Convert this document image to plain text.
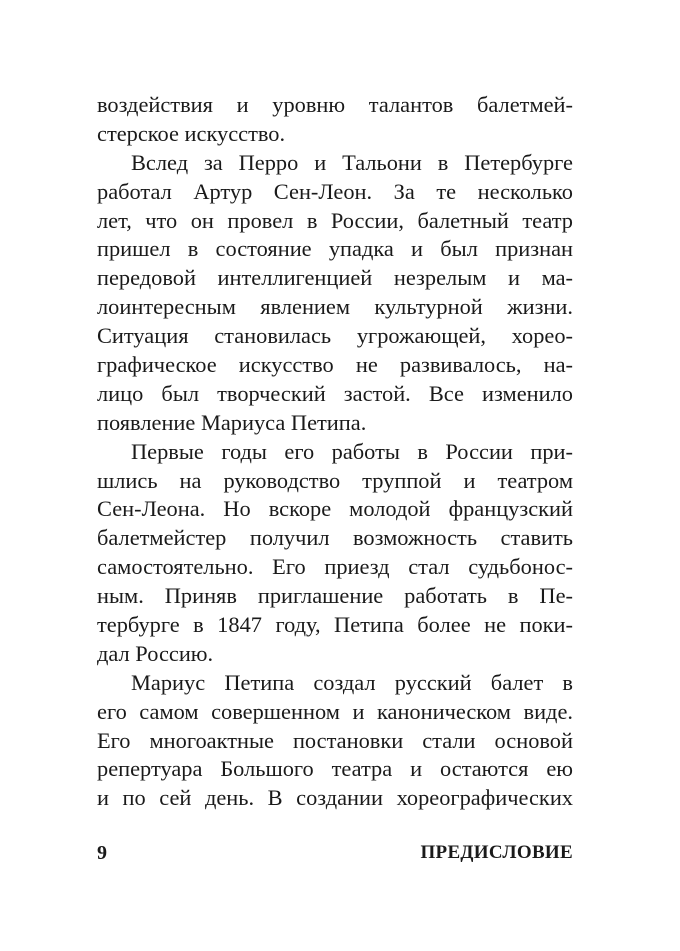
воздействия и уровню талантов балетмей-
стерское искусство.
Вслед за Перро и Тальони в Петербурге
работал Артур Сен-Леон. За те несколько
лет, что он провел в России, балетный театр
пришел в состояние упадка и был признан
передовой интеллигенцией незрелым и ма-
лоинтересным явлением культурной жизни.
Ситуация становилась угрожающей, хорео-
графическое искусство не развивалось, на-
лицо был творческий застой. Все изменило
появление Мариуса Петипа.
Первые годы его работы в России при-
шлись на руководство труппой и театром
Сен-Леона. Но вскоре молодой французский
балетмейстер получил возможность ставить
самостоятельно. Его приезд стал судьбонос-
ным. Приняв приглашение работать в Пе-
тербурге в 1847 году, Петипа более не поки-
дал Россию.
Мариус Петипа создал русский балет в
его самом совершенном и каноническом виде.
Его многоактные постановки стали основой
репертуара Большого театра и остаются ею
и по сей день. В создании хореографических
9	ПРЕДИСЛОВИЕ
